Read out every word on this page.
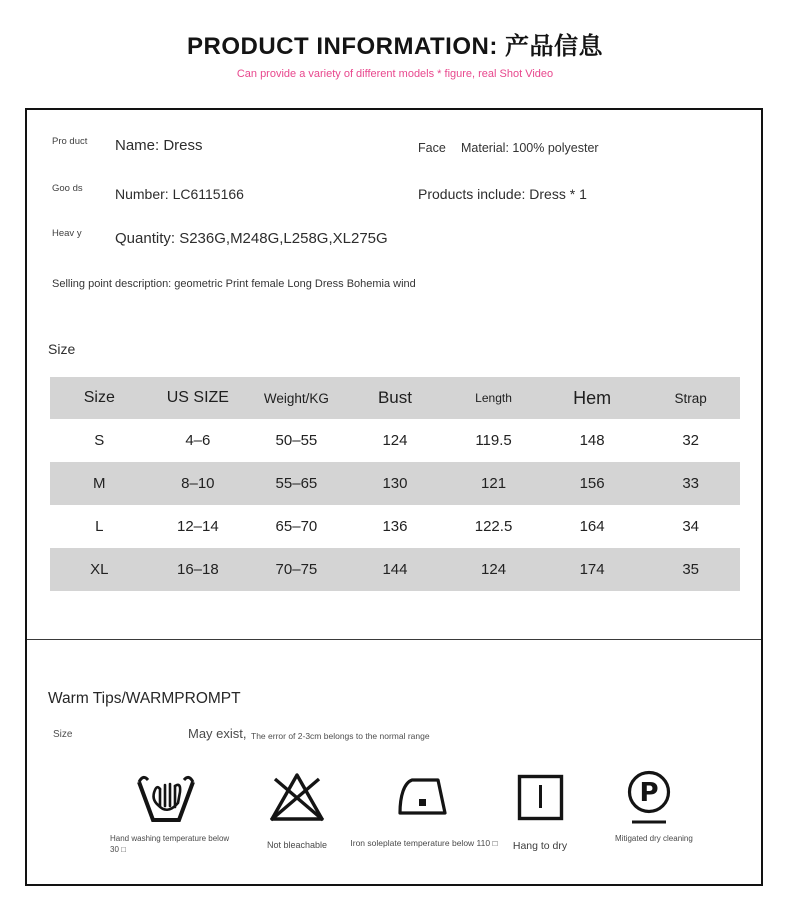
PRODUCT INFORMATION: 产品信息
Can provide a variety of different models * figure, real Shot Video
Pro duct Name: Dress	Face Material: 100% polyester
Goo ds	Number: LC6115166	Products include: Dress * 1
Heav y	Quantity: S236G,M248G,L258G,XL275G
Selling point description: geometric Print female Long Dress Bohemia wind
Size
Size	US SIZE	Weight/KG	Bust	Length	Hem	Strap
S	4–6	50–55	124	119.5	148	32
M	8–10	55–65	130	121	156	33
L	12–14	65–70	136	122.5	164	34
XL	16–18	70–75	144	124	174	35
Warm Tips/WARMPROMPT
Size	May exist, The error of 2-3cm belongs to the normal range
Hand washing temperature below 30 □	Not bleachable	Iron soleplate temperature below 110 □	Hang to dry
P
Mitigated dry cleaning
